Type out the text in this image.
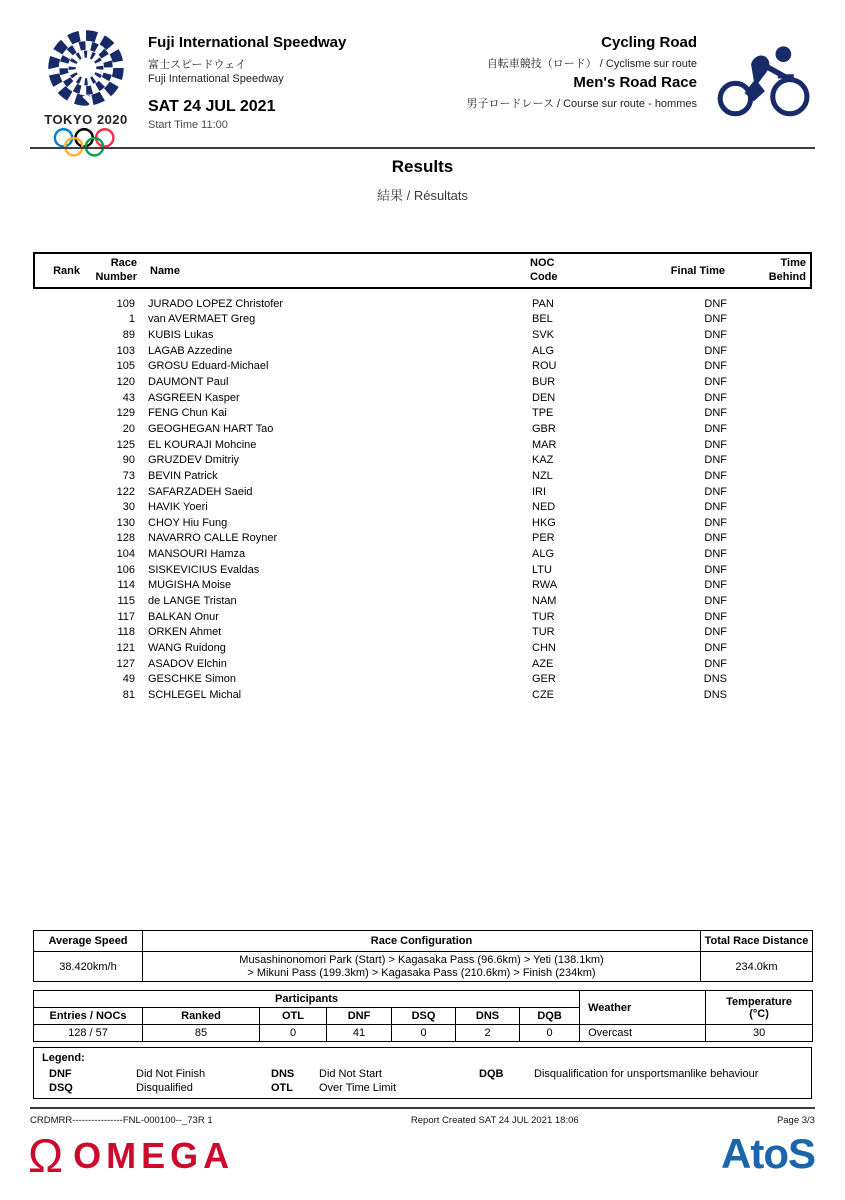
TOKYO 2020
Fuji International Speedway
富士スピードウェイ
Fuji International Speedway
SAT 24 JUL 2021
Start Time 11:00
Cycling Road
自転車競技（ロード） / Cyclisme sur route
Men's Road Race
男子ロードレース / Course sur route - hommes
Results
結果 / Résultats
Rank
Race
Number
Name
NOC
Code
Final Time
Time
Behind
109	JURADO LOPEZ Christofer	PAN	DNF
1	van AVERMAET Greg	BEL	DNF
89	KUBIS Lukas	SVK	DNF
103	LAGAB Azzedine	ALG	DNF
105	GROSU Eduard-Michael	ROU	DNF
120	DAUMONT Paul	BUR	DNF
43	ASGREEN Kasper	DEN	DNF
129	FENG Chun Kai	TPE	DNF
20	GEOGHEGAN HART Tao	GBR	DNF
125	EL KOURAJI Mohcine	MAR	DNF
90	GRUZDEV Dmitriy	KAZ	DNF
73	BEVIN Patrick	NZL	DNF
122	SAFARZADEH Saeid	IRI	DNF
30	HAVIK Yoeri	NED	DNF
130	CHOY Hiu Fung	HKG	DNF
128	NAVARRO CALLE Royner	PER	DNF
104	MANSOURI Hamza	ALG	DNF
106	SISKEVICIUS Evaldas	LTU	DNF
114	MUGISHA Moise	RWA	DNF
115	de LANGE Tristan	NAM	DNF
117	BALKAN Onur	TUR	DNF
118	ORKEN Ahmet	TUR	DNF
121	WANG Ruidong	CHN	DNF
127	ASADOV Elchin	AZE	DNF
49	GESCHKE Simon	GER	DNS
81	SCHLEGEL Michal	CZE	DNS
Average Speed	Race Configuration	Total Race Distance
38.420km/h	Musashinonomori Park (Start) > Kagasaka Pass (96.6km) > Yeti (138.1km)
> Mikuni Pass (199.3km) > Kagasaka Pass (210.6km) > Finish (234km)	234.0km
Participants							Weather	Temperature
(°C)

Entries / NOCs	Ranked	OTL	DNF	DSQ	DNS	DQB		
128 / 57	85	0	41	0	2	0	Overcast	30
Legend:
DNF	Did Not Finish	DNS	Did Not Start	DQB	Disqualification for unsportsmanlike behaviour
DSQ	Disqualified	OTL	Over Time Limit
CRDMRR----------------FNL-000100--_73R 1	Report Created SAT 24 JUL 2021 18:06	Page 3/3
Ω OMEGA	AtoS
